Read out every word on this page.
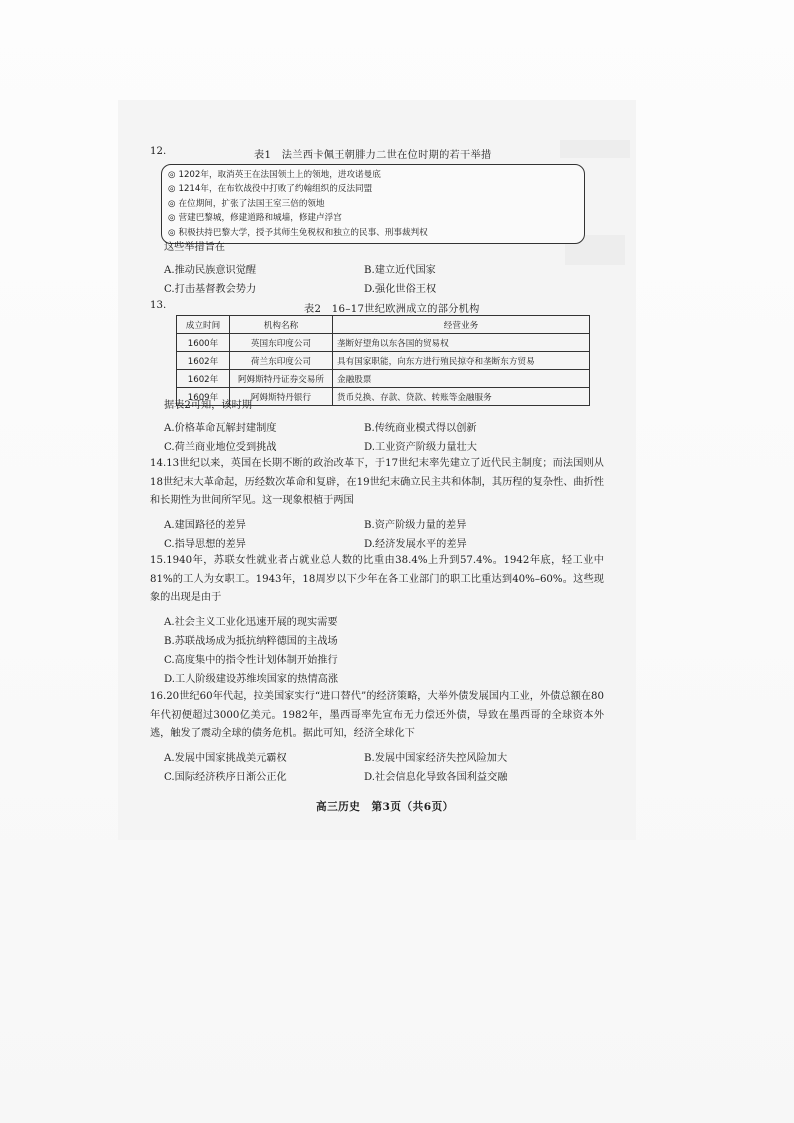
12.	表1　法兰西卡佩王朝腓力二世在位时期的若干举措
◎ 1202年，取消英王在法国领土上的领地，进攻诺曼底
◎ 1214年，在布钦战役中打败了约翰组织的反法同盟
◎ 在位期间，扩张了法国王室三倍的领地
◎ 营建巴黎城，修建道路和城墙，修建卢浮宫
◎ 积极扶持巴黎大学，授予其师生免税权和独立的民事、刑事裁判权
这些举措旨在
A.推动民族意识觉醒	B.建立近代国家
C.打击基督教会势力	D.强化世俗王权
13.	表2　16–17世纪欧洲成立的部分机构
成立时间	机构名称	经营业务
1600年	英国东印度公司	垄断好望角以东各国的贸易权
1602年	荷兰东印度公司	具有国家职能，向东方进行殖民掠夺和垄断东方贸易
1602年	阿姆斯特丹证券交易所	金融股票
1609年	阿姆斯特丹银行	货币兑换、存款、贷款、转账等金融服务
据表2可知，该时期
A.价格革命瓦解封建制度	B.传统商业模式得以创新
C.荷兰商业地位受到挑战	D.工业资产阶级力量壮大
14.13世纪以来，英国在长期不断的政治改革下，于17世纪末率先建立了近代民主制度；而法国则从18世纪末大革命起，历经数次革命和复辟，在19世纪末确立民主共和体制，其历程的复杂性、曲折性和长期性为世间所罕见。这一现象根植于两国
A.建国路径的差异	B.资产阶级力量的差异
C.指导思想的差异	D.经济发展水平的差异
15.1940年，苏联女性就业者占就业总人数的比重由38.4%上升到57.4%。1942年底，轻工业中81%的工人为女职工。1943年，18周岁以下少年在各工业部门的职工比重达到40%–60%。这些现象的出现是由于
A.社会主义工业化迅速开展的现实需要
B.苏联战场成为抵抗纳粹德国的主战场
C.高度集中的指令性计划体制开始推行
D.工人阶级建设苏维埃国家的热情高涨
16.20世纪60年代起，拉美国家实行“进口替代”的经济策略，大举外债发展国内工业，外债总额在80年代初便超过3000亿美元。1982年，墨西哥率先宣布无力偿还外债，导致在墨西哥的全球资本外逃，触发了震动全球的债务危机。据此可知，经济全球化下
A.发展中国家挑战美元霸权	B.发展中国家经济失控风险加大
C.国际经济秩序日渐公正化	D.社会信息化导致各国利益交融
高三历史　第3页（共6页）
